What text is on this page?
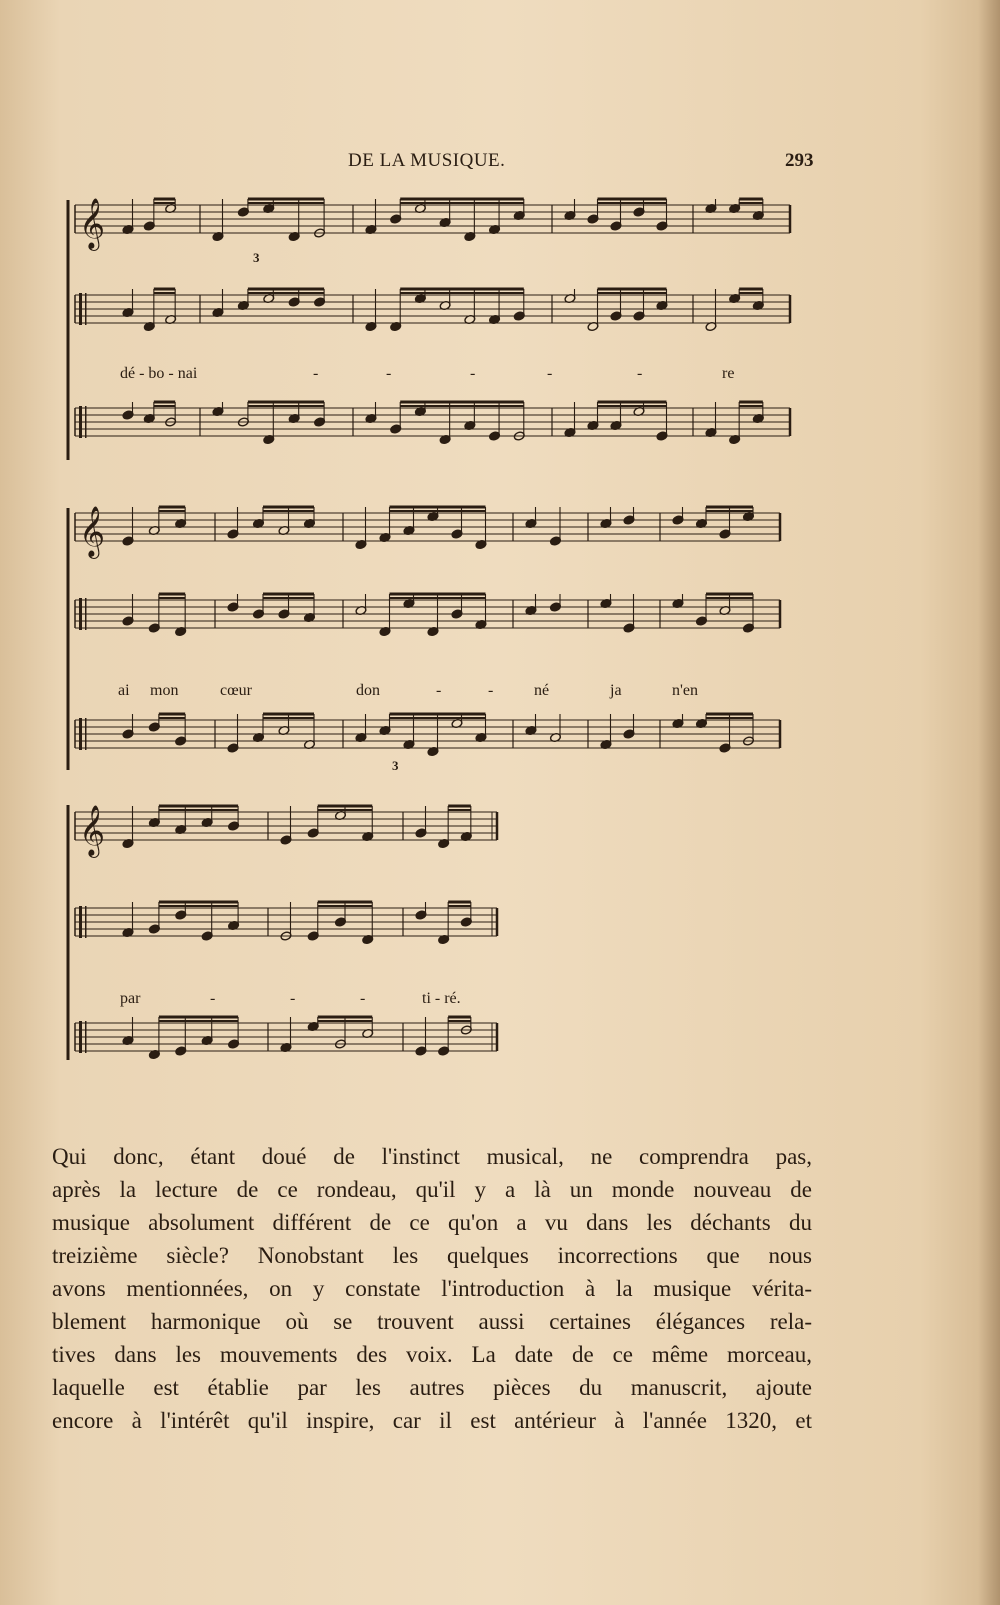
DE LA MUSIQUE.	293
𝄞
𝄞
𝄞
3
3
dé - bo - nai	-	-	-	-	-	re
ai mon	cœur	don	-	-	né	ja	n'en
par	-	-	-	ti - ré.
Qui donc, étant doué de l'instinct musical, ne comprendra pas,
après la lecture de ce rondeau, qu'il y a là un monde nouveau de
musique absolument différent de ce qu'on a vu dans les déchants du
treizième siècle? Nonobstant les quelques incorrections que nous
avons mentionnées, on y constate l'introduction à la musique vérita-
blement harmonique où se trouvent aussi certaines élégances rela-
tives dans les mouvements des voix. La date de ce même morceau,
laquelle est établie par les autres pièces du manuscrit, ajoute
encore à l'intérêt qu'il inspire, car il est antérieur à l'année 1320, et
